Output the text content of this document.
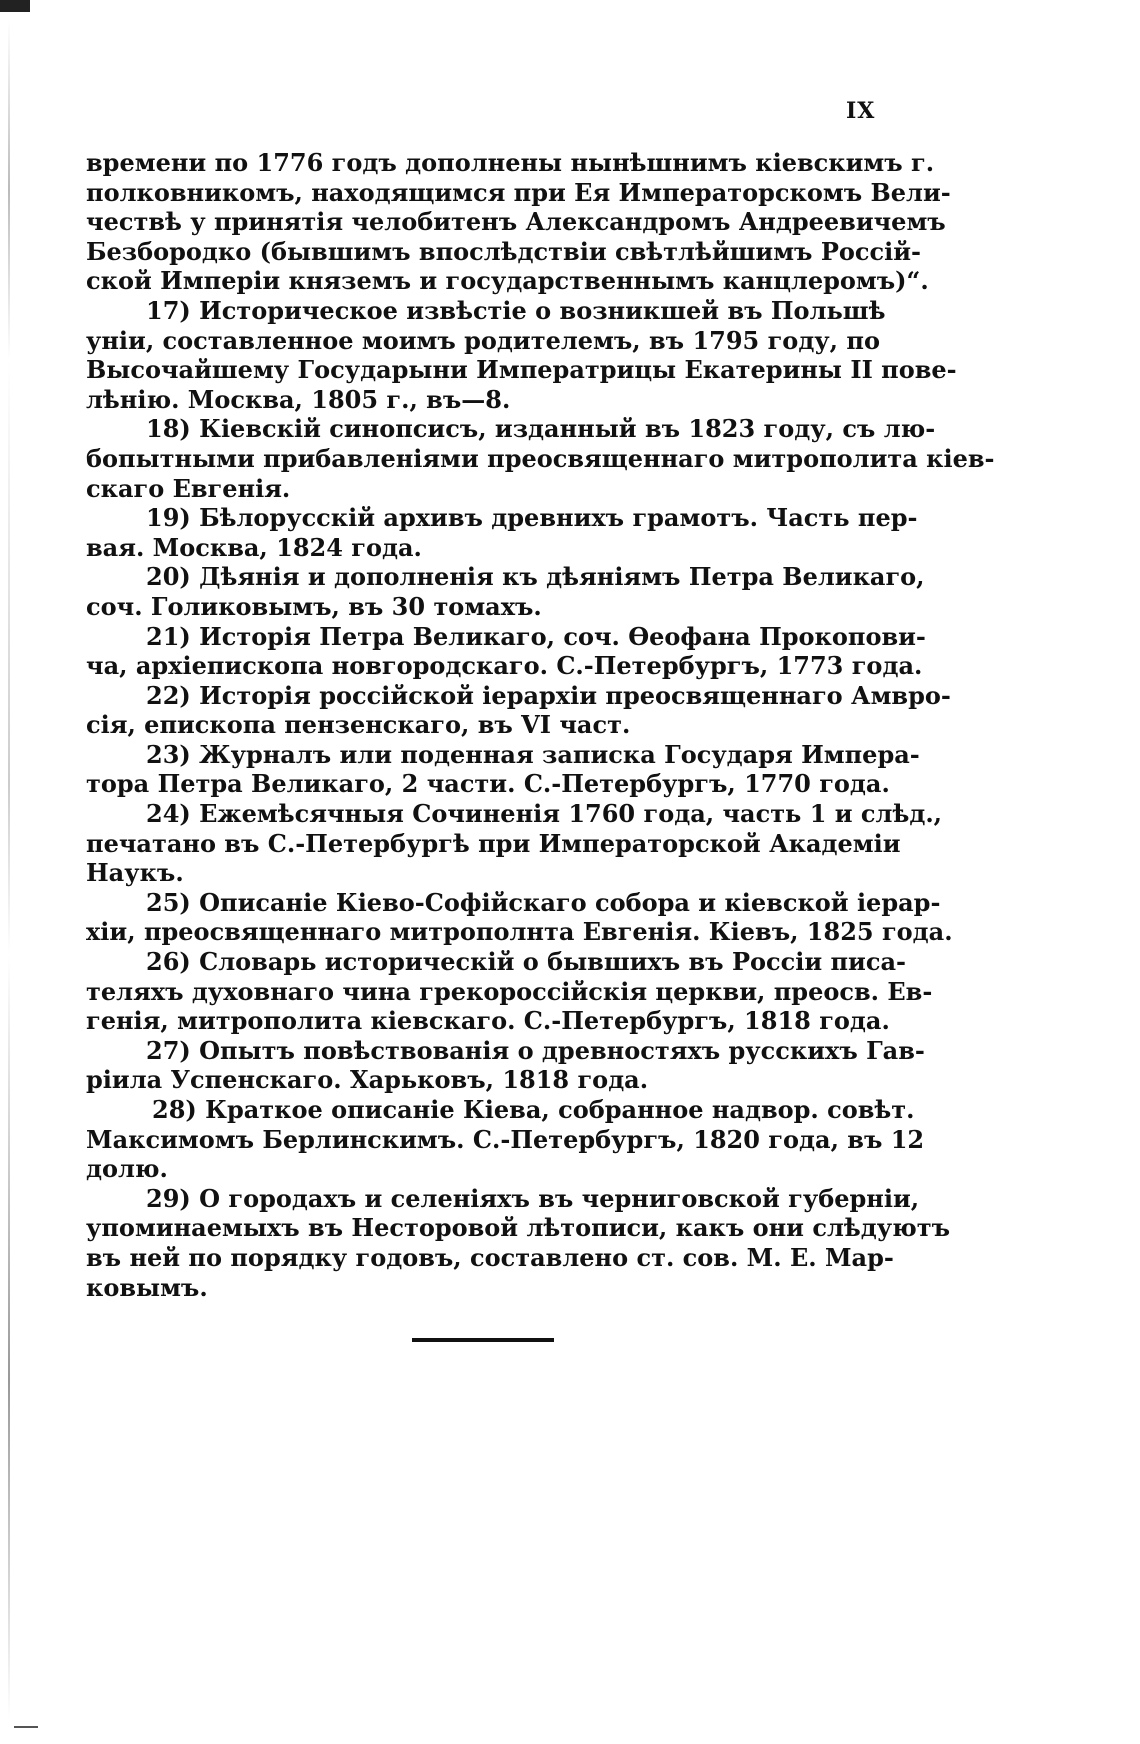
IX
времени по 1776 годъ дополнены нынѣшнимъ кіевскимъ г.
полковникомъ, находящимся при Ея Императорскомъ Вели-
чествѣ у принятія челобитенъ Александромъ Андреевичемъ
Безбородко (бывшимъ впослѣдствіи свѣтлѣйшимъ Россій-
ской Имперіи княземъ и государственнымъ канцлеромъ)“.
17) Историческое извѣстіе о возникшей въ Польшѣ
уніи, составленное моимъ родителемъ, въ 1795 году, по
Высочайшему Государыни Императрицы Екатерины II пове-
лѣнію. Москва, 1805 г., въ—8.
18) Кіевскій синопсисъ, изданный въ 1823 году, съ лю-
бопытными прибавленіями преосвященнаго митрополита кіев-
скаго Евгенія.
19) Бѣлорусскій архивъ древнихъ грамотъ. Часть пер-
вая. Москва, 1824 года.
20) Дѣянія и дополненія къ дѣяніямъ Петра Великаго,
соч. Голиковымъ, въ 30 томахъ.
21) Исторія Петра Великаго, соч. Ѳеофана Прокопови-
ча, архіепископа новгородскаго. С.-Петербургъ, 1773 года.
22) Исторія россійской іерархіи преосвященнаго Амвро-
сія, епископа пензенскаго, въ VI част.
23) Журналъ или поденная записка Государя Импера-
тора Петра Великаго, 2 части. С.-Петербургъ, 1770 года.
24) Ежемѣсячныя Сочиненія 1760 года, часть 1 и слѣд.,
печатано въ С.-Петербургѣ при Императорской Академіи
Наукъ.
25) Описаніе Кіево-Софійскаго собора и кіевской іерар-
хіи, преосвященнаго митрополнта Евгенія. Кіевъ, 1825 года.
26) Словарь историческій о бывшихъ въ Россіи писа-
теляхъ духовнаго чина грекороссійскія церкви, преосв. Ев-
генія, митрополита кіевскаго. С.-Петербургъ, 1818 года.
27) Опытъ повѣствованія о древностяхъ русскихъ Гав-
ріила Успенскаго. Харьковъ, 1818 года.
28) Краткое описаніе Кіева, собранное надвор. совѣт.
Максимомъ Берлинскимъ. С.-Петербургъ, 1820 года, въ 12
долю.
29) О городахъ и селеніяхъ въ черниговской губерніи,
упоминаемыхъ въ Несторовой лѣтописи, какъ они слѣдуютъ
въ ней по порядку годовъ, составлено ст. сов. М. Е. Мар-
ковымъ.
